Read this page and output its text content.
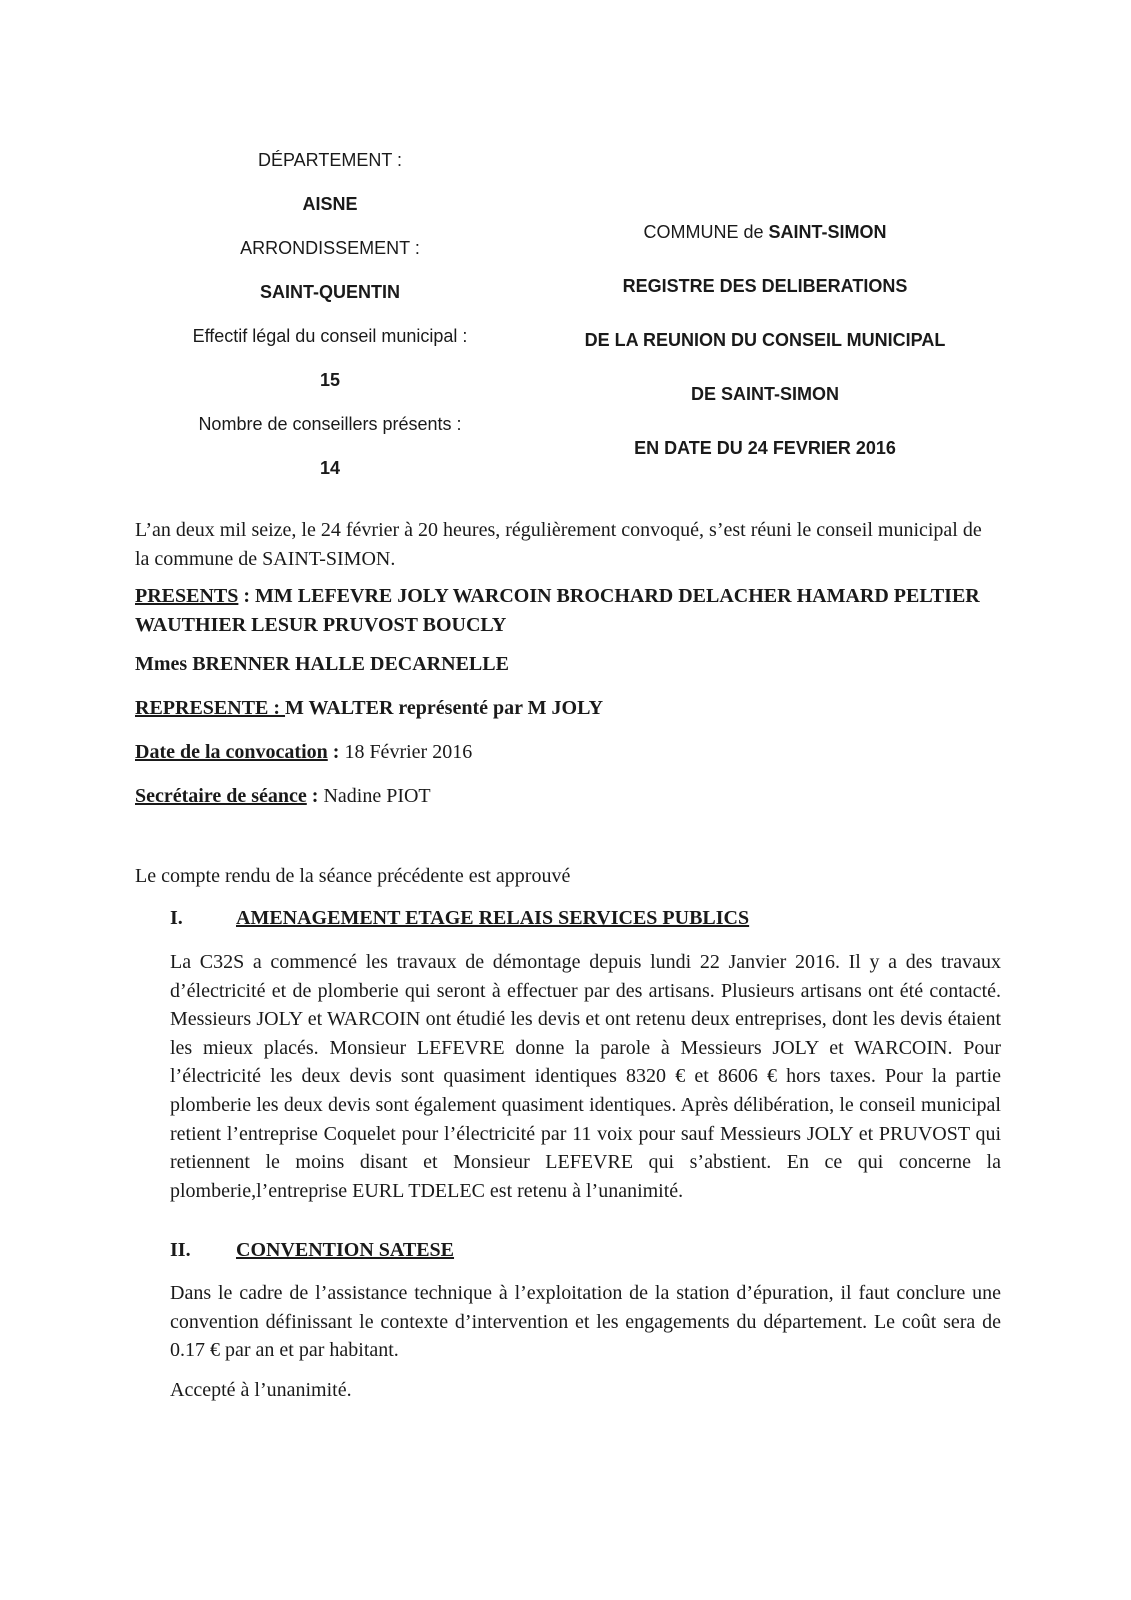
DÉPARTEMENT :
AISNE
ARRONDISSEMENT :
SAINT-QUENTIN
Effectif légal du conseil municipal :
15
Nombre de conseillers présents :
14
COMMUNE de SAINT-SIMON
REGISTRE DES DELIBERATIONS
DE LA REUNION DU CONSEIL MUNICIPAL
DE SAINT-SIMON
EN DATE DU 24 FEVRIER 2016
L’an deux mil seize, le 24 février à 20 heures, régulièrement convoqué, s’est réuni le conseil municipal de la commune de SAINT-SIMON.
PRESENTS : MM LEFEVRE JOLY WARCOIN BROCHARD DELACHER HAMARD PELTIER WAUTHIER LESUR PRUVOST BOUCLY
Mmes BRENNER HALLE DECARNELLE
REPRESENTE : M WALTER représenté par M JOLY
Date de la convocation : 18 Février 2016
Secrétaire de séance : Nadine PIOT
Le compte rendu de la séance précédente est approuvé
I.	AMENAGEMENT ETAGE RELAIS SERVICES PUBLICS
La C32S a commencé les travaux de démontage depuis lundi 22 Janvier 2016. Il y a des travaux d’électricité et de plomberie qui seront à effectuer par des artisans. Plusieurs artisans ont été contacté. Messieurs JOLY et WARCOIN ont étudié les devis et ont retenu deux entreprises, dont les devis étaient les mieux placés. Monsieur LEFEVRE donne la parole à Messieurs JOLY et WARCOIN. Pour l’électricité les deux devis sont quasiment identiques 8320 € et 8606 € hors taxes. Pour la partie plomberie les deux devis sont également quasiment identiques. Après délibération, le conseil municipal retient l’entreprise Coquelet pour l’électricité par 11 voix pour sauf Messieurs JOLY et PRUVOST qui retiennent le moins disant et Monsieur LEFEVRE qui s’abstient. En ce qui concerne la plomberie,l’entreprise EURL TDELEC est retenu à l’unanimité.
II. CONVENTION SATESE
Dans le cadre de l’assistance technique à l’exploitation de la station d’épuration, il faut conclure une convention définissant le contexte d’intervention et les engagements du département. Le coût sera de 0.17 € par an et par habitant.
Accepté à l’unanimité.
